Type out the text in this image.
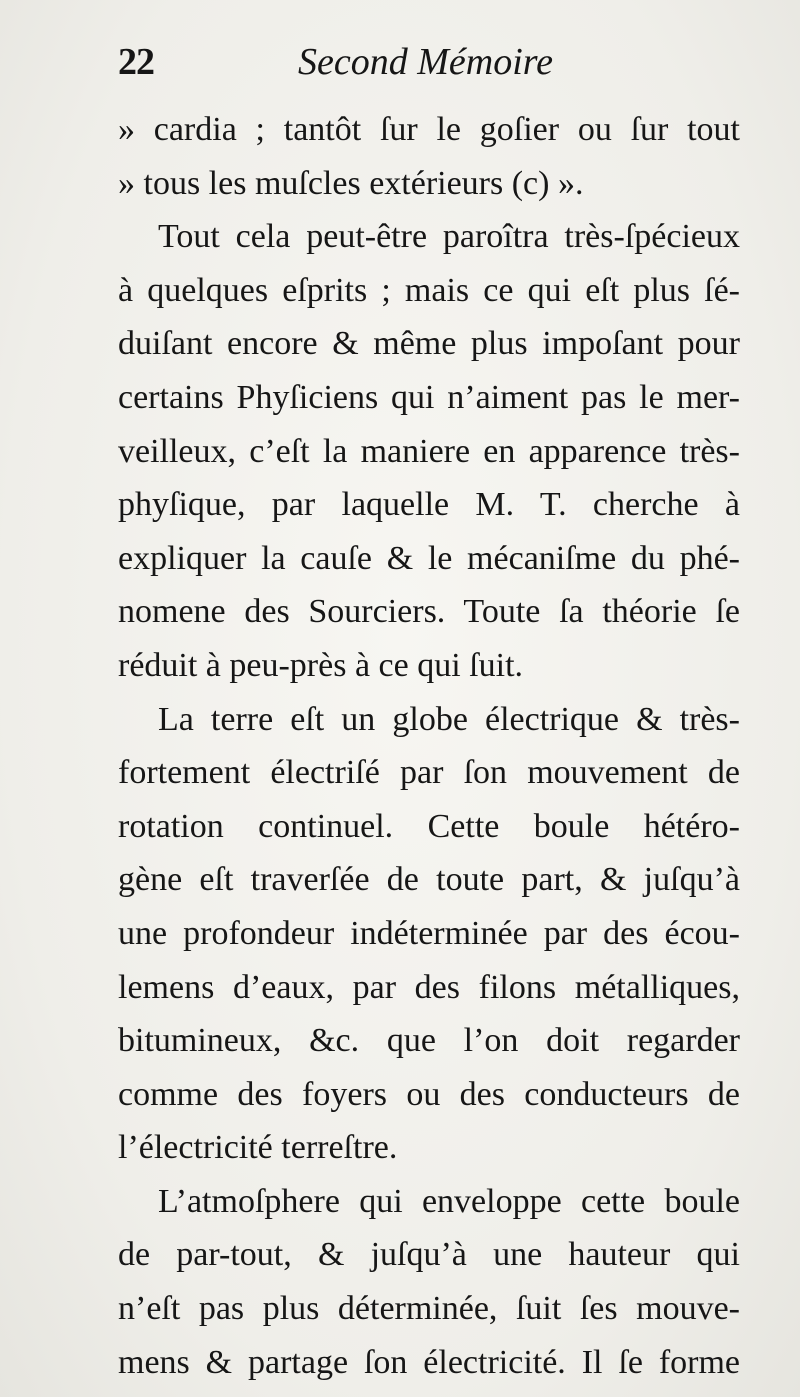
22	Second Mémoire
» cardia ; tantôt ſur le goſier ou ſur tout
» tous les muſcles extérieurs (c) ».
Tout cela peut-être paroîtra très-ſpécieux
à quelques eſprits ; mais ce qui eſt plus ſé-
duiſant encore & même plus impoſant pour
certains Phyſiciens qui n’aiment pas le mer-
veilleux, c’eſt la maniere en apparence très-
phyſique, par laquelle M. T. cherche à
expliquer la cauſe & le mécaniſme du phé-
nomene des Sourciers. Toute ſa théorie ſe
réduit à peu-près à ce qui ſuit.
La terre eſt un globe électrique & très-
fortement électriſé par ſon mouvement de
rotation continuel. Cette boule hétéro-
gène eſt traverſée de toute part, & juſqu’à
une profondeur indéterminée par des écou-
lemens d’eaux, par des filons métalliques,
bitumineux, &c. que l’on doit regarder
comme des foyers ou des conducteurs de
l’électricité terreſtre.
L’atmoſphere qui enveloppe cette boule
de par-tout, & juſqu’à une hauteur qui
n’eſt pas plus déterminée, ſuit ſes mouve-
mens & partage ſon électricité. Il ſe forme
